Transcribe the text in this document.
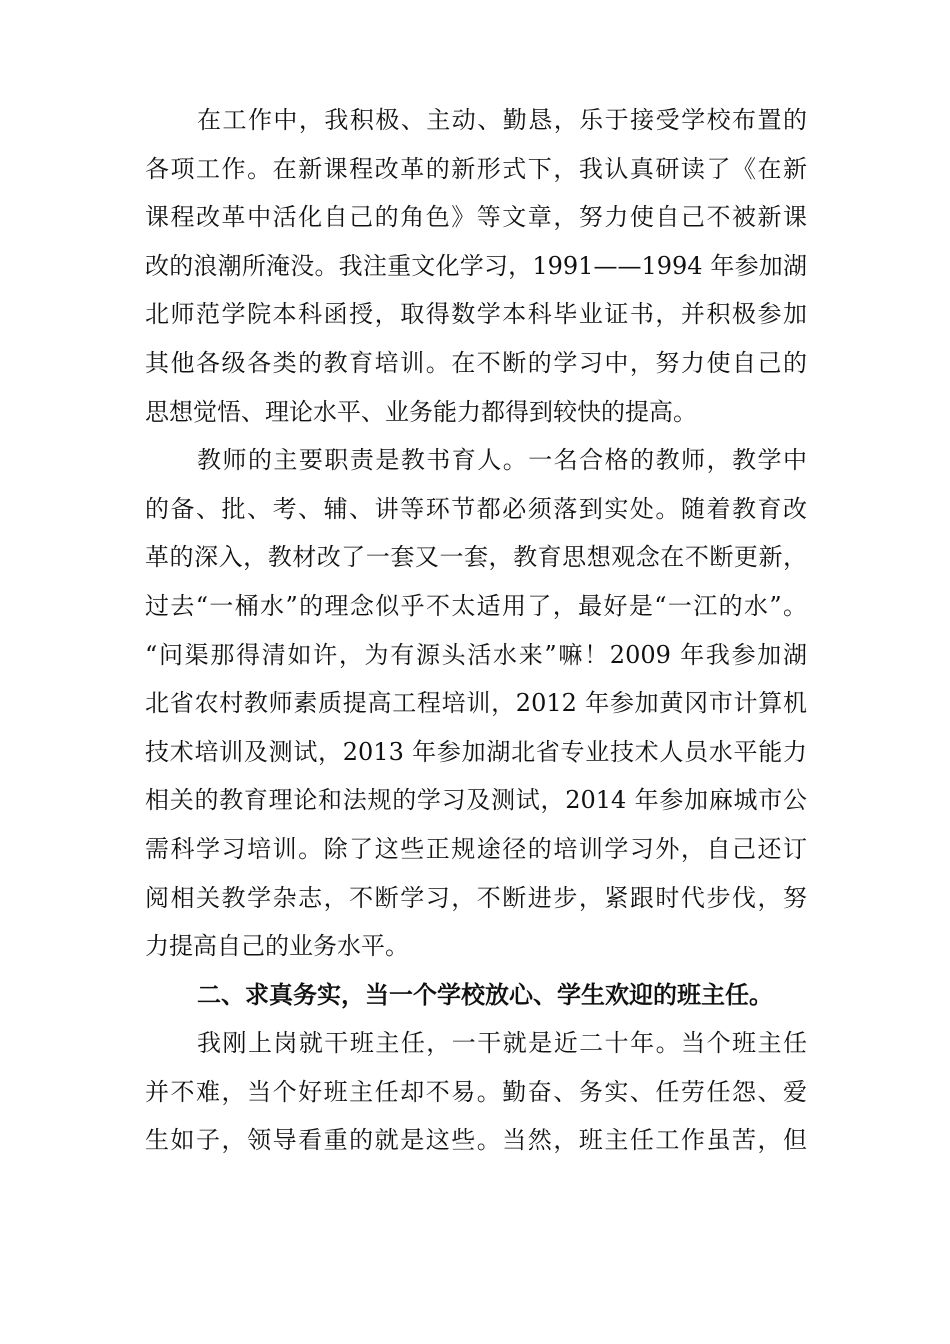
在工作中，我积极、主动、勤恳，乐于接受学校布置的
各项工作。在新课程改革的新形式下，我认真研读了《在新
课程改革中活化自己的角色》等文章，努力使自己不被新课
改的浪潮所淹没。我注重文化学习，1991——1994 年参加湖
北师范学院本科函授，取得数学本科毕业证书，并积极参加
其他各级各类的教育培训。在不断的学习中，努力使自己的
思想觉悟、理论水平、业务能力都得到较快的提高。
教师的主要职责是教书育人。一名合格的教师，教学中
的备、批、考、辅、讲等环节都必须落到实处。随着教育改
革的深入，教材改了一套又一套，教育思想观念在不断更新，
过去“一桶水”的理念似乎不太适用了，最好是“一江的水”。
“问渠那得清如许，为有源头活水来”嘛！2009 年我参加湖
北省农村教师素质提高工程培训，2012 年参加黄冈市计算机
技术培训及测试，2013 年参加湖北省专业技术人员水平能力
相关的教育理论和法规的学习及测试，2014 年参加麻城市公
需科学习培训。除了这些正规途径的培训学习外，自己还订
阅相关教学杂志，不断学习，不断进步，紧跟时代步伐，努
力提高自己的业务水平。
二、求真务实，当一个学校放心、学生欢迎的班主任。
我刚上岗就干班主任，一干就是近二十年。当个班主任
并不难，当个好班主任却不易。勤奋、务实、任劳任怨、爱
生如子，领导看重的就是这些。当然，班主任工作虽苦，但
